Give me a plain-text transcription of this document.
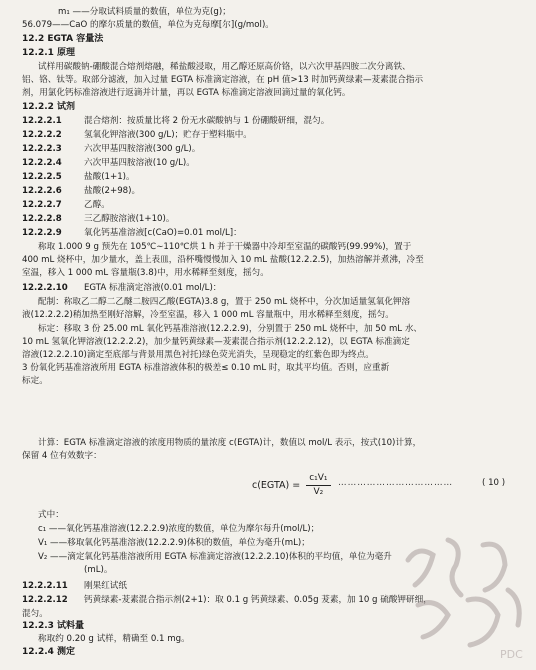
m₁ ——分取试料质量的数值，单位为克(g)；
56.079——CaO 的摩尔质量的数值，单位为克每摩[尔](g/mol)。
12.2 EGTA 容量法
12.2.1 原理
试样用碳酸钠-硼酸混合熔剂熔融，稀盐酸浸取，用乙醇还原高价铬，以六次甲基四胺二次分离铁、
铝、铬、钛等。取部分滤液，加入过量 EGTA 标准滴定溶液，在 pH 值>13 时加钙黄绿素—茇素混合指示
剂，用氯化钙标准溶液进行返滴并计量，再以 EGTA 标准滴定溶液回滴过量的氧化钙。
12.2.2 试剂
12.2.2.1	混合熔剂：按质量比将 2 份无水碳酸钠与 1 份硼酸研细，混匀。
12.2.2.2	氢氧化钾溶液(300 g/L)；贮存于塑料瓶中。
12.2.2.3	六次甲基四胺溶液(300 g/L)。
12.2.2.4	六次甲基四胺溶液(10 g/L)。
12.2.2.5	盐酸(1+1)。
12.2.2.6	盐酸(2+98)。
12.2.2.7	乙醇。
12.2.2.8	三乙醇胺溶液(1+10)。
12.2.2.9	氧化钙基准溶液[c(CaO)=0.01 mol/L]：
称取 1.000 9 g 预先在 105℃∼110℃烘 1 h 并于干燥器中冷却至室温的碳酸钙(99.99%)，置于
400 mL 烧杯中，加少量水，盖上表皿，沿杯嘴慢慢加入 10 mL 盐酸(12.2.2.5)，加热溶解并煮沸，冷至
室温，移入 1 000 mL 容量瓶(3.8)中，用水稀释至刻度，摇匀。
12.2.2.10 EGTA 标准滴定溶液(0.01 mol/L)：
配制：称取乙二醇二乙醚二胺四乙酸(EGTA)3.8 g，置于 250 mL 烧杯中，分次加适量氢氧化钾溶
液(12.2.2.2)稍加热至刚好溶解，冷至室温，移入 1 000 mL 容量瓶中，用水稀释至刻度，摇匀。
标定：移取 3 份 25.00 mL 氧化钙基准溶液(12.2.2.9)，分别置于 250 mL 烧杯中，加 50 mL 水、
10 mL 氢氧化钾溶液(12.2.2.2)，加少量钙黄绿素—茇素混合指示剂(12.2.2.12)，以 EGTA 标准滴定
溶液(12.2.2.10)滴定至底部与背景用黑色衬托)绿色荧光消失，呈现稳定的红紫色即为终点。
3 份氧化钙基准溶液所用 EGTA 标准溶液体积的极差≤ 0.10 mL 时，取其平均值。否则，应重新
标定。
计算：EGTA 标准滴定溶液的浓度用物质的量浓度 c(EGTA)计，数值以 mol/L 表示，按式(10)计算，
保留 4 位有效数字：
式中：
c₁ ——氧化钙基准溶液(12.2.2.9)浓度的数值，单位为摩尔每升(mol/L)；
V₁ ——移取氧化钙基准溶液(12.2.2.9)体积的数值，单位为毫升(mL)；
V₂ ——滴定氧化钙基准溶液所用 EGTA 标准滴定溶液(12.2.2.10)体积的平均值，单位为毫升
(mL)。
12.2.2.11 刚果红试纸
12.2.2.12 钙黄绿素-茇素混合指示剂(2+1)：取 0.1 g 钙黄绿素、0.05g 茇素，加 10 g 硫酸钾研细，
混匀。
12.2.3 试料量
称取约 0.20 g 试样，精确至 0.1 mg。
12.2.4 测定
c(EGTA) = $\frac{\text{c₁V₁}}{\text{V₂}}$ ………………………………	( 10 )
PDC
